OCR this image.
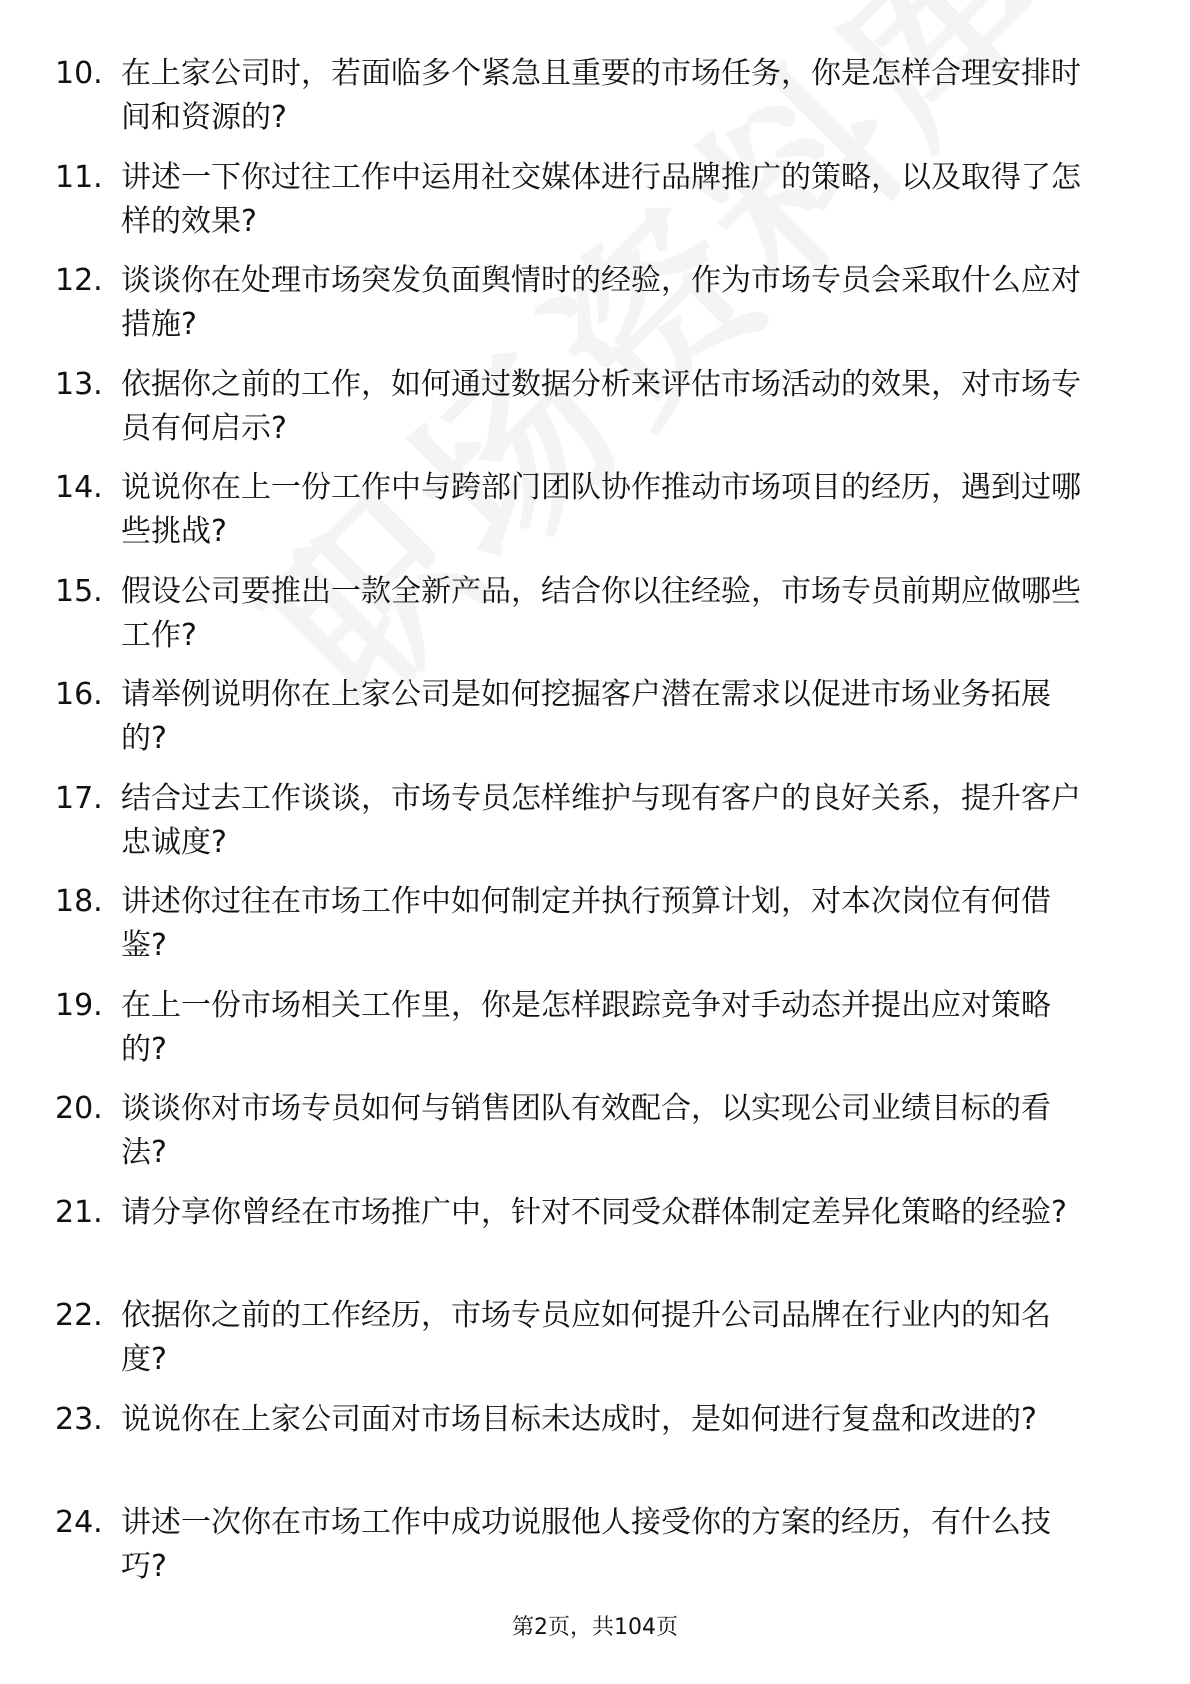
10. 在上家公司时，若面临多个紧急且重要的市场任务，你是怎样合理安排时间和资源的?
11. 讲述一下你过往工作中运用社交媒体进行品牌推广的策略，以及取得了怎样的效果?
12. 谈谈你在处理市场突发负面舆情时的经验，作为市场专员会采取什么应对措施?
13. 依据你之前的工作，如何通过数据分析来评估市场活动的效果，对市场专员有何启示?
14. 说说你在上一份工作中与跨部门团队协作推动市场项目的经历，遇到过哪些挑战?
15. 假设公司要推出一款全新产品，结合你以往经验，市场专员前期应做哪些工作?
16. 请举例说明你在上家公司是如何挖掘客户潜在需求以促进市场业务拓展的?
17. 结合过去工作谈谈，市场专员怎样维护与现有客户的良好关系，提升客户忠诚度?
18. 讲述你过往在市场工作中如何制定并执行预算计划，对本次岗位有何借鉴?
19. 在上一份市场相关工作里，你是怎样跟踪竞争对手动态并提出应对策略的?
20. 谈谈你对市场专员如何与销售团队有效配合，以实现公司业绩目标的看法?
21. 请分享你曾经在市场推广中，针对不同受众群体制定差异化策略的经验?
22. 依据你之前的工作经历，市场专员应如何提升公司品牌在行业内的知名度?
23. 说说你在上家公司面对市场目标未达成时，是如何进行复盘和改进的?
24. 讲述一次你在市场工作中成功说服他人接受你的方案的经历，有什么技巧?
第2页，共104页
